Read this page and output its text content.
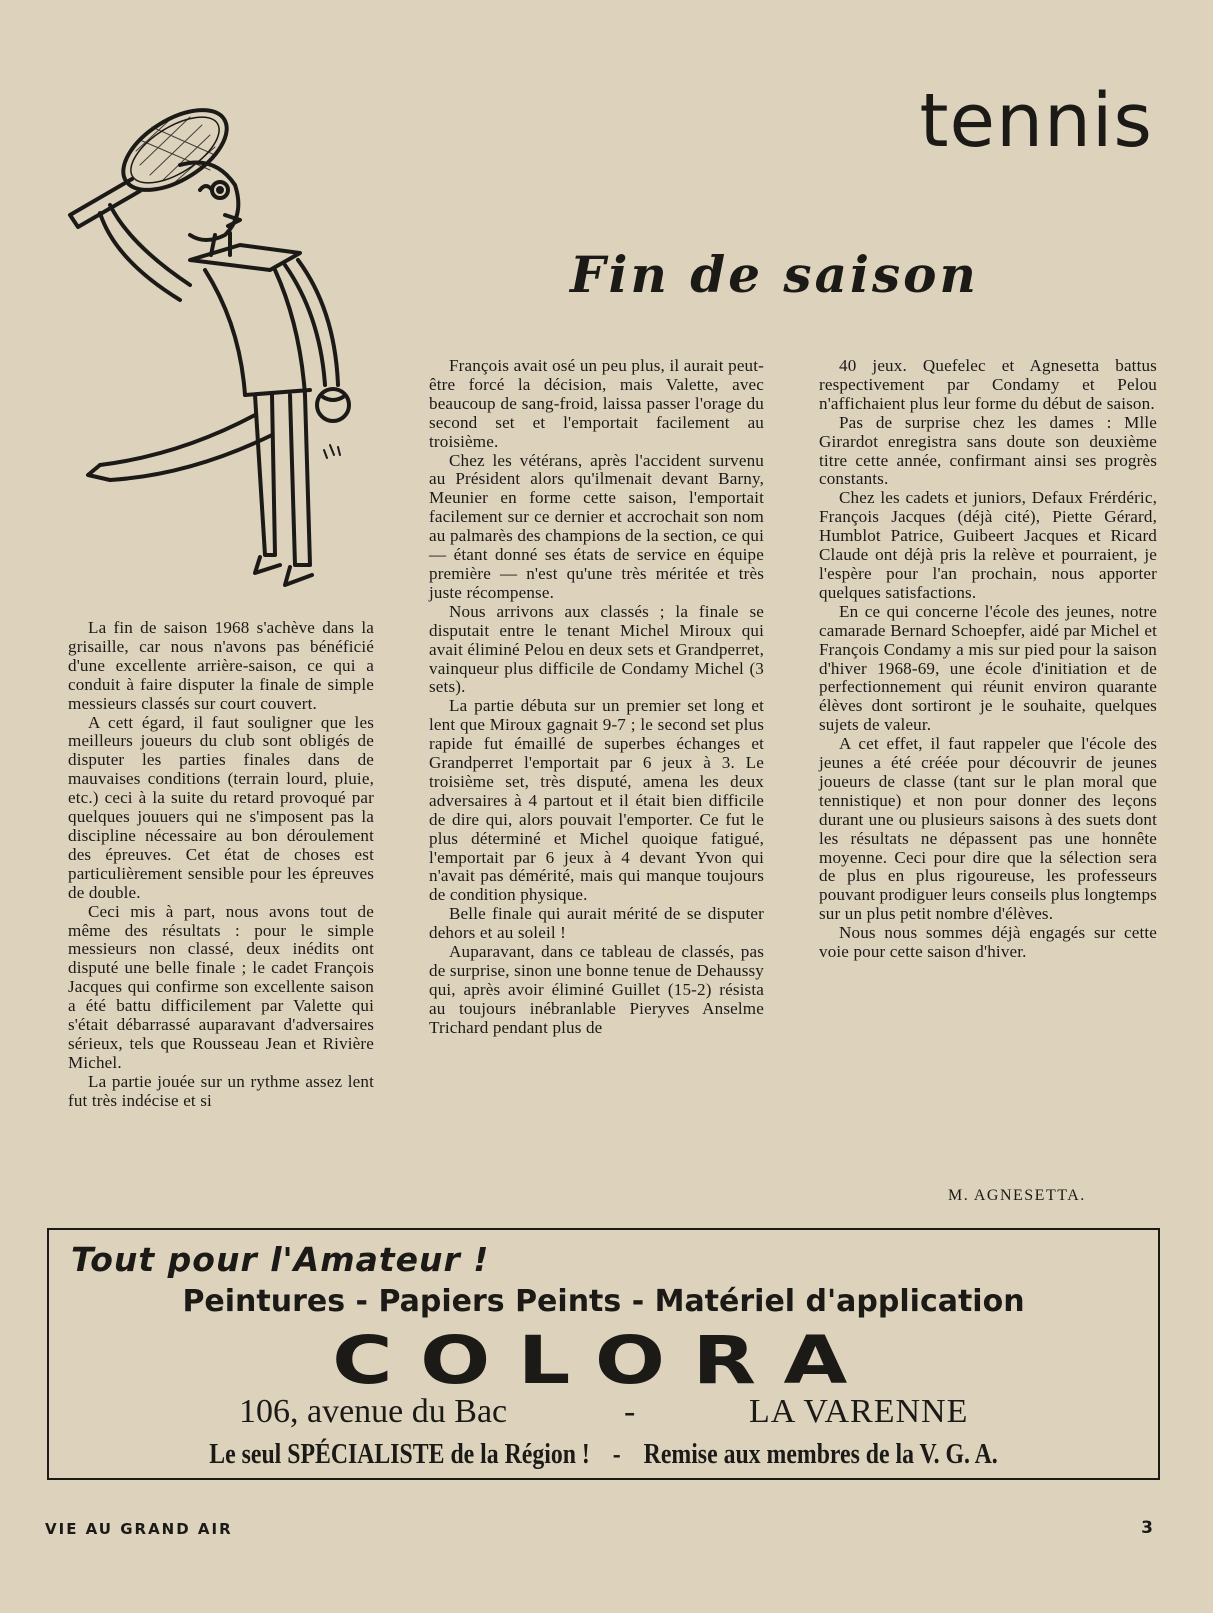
tennis
Fin de saison

La fin de saison 1968 s'achève dans la grisaille, car nous n'avons pas bénéficié d'une excellente arrière-saison, ce qui a conduit à faire disputer la finale de simple messieurs classés sur court couvert.

A cett égard, il faut souligner que les meilleurs joueurs du club sont obligés de disputer les parties finales dans de mauvaises conditions (terrain lourd, pluie, etc.) ceci à la suite du retard provoqué par quelques jouuers qui ne s'imposent pas la discipline nécessaire au bon déroulement des épreuves. Cet état de choses est particulièrement sensible pour les épreuves de double.

Ceci mis à part, nous avons tout de même des résultats : pour le simple messieurs non classé, deux inédits ont disputé une belle finale ; le cadet François Jacques qui confirme son excellente saison a été battu difficilement par Valette qui s'était débarrassé auparavant d'adversaires sérieux, tels que Rousseau Jean et Rivière Michel.

La partie jouée sur un rythme assez lent fut très indécise et si

François avait osé un peu plus, il aurait peut-être forcé la décision, mais Valette, avec beaucoup de sang-froid, laissa passer l'orage du second set et l'emportait facilement au troisième.

Chez les vétérans, après l'accident survenu au Président alors qu'ilmenait devant Barny, Meunier en forme cette saison, l'emportait facilement sur ce dernier et accrochait son nom au palmarès des champions de la section, ce qui — étant donné ses états de service en équipe première — n'est qu'une très méritée et très juste récompense.

Nous arrivons aux classés ; la finale se disputait entre le tenant Michel Miroux qui avait éliminé Pelou en deux sets et Grandperret, vainqueur plus difficile de Condamy Michel (3 sets).

La partie débuta sur un premier set long et lent que Miroux gagnait 9-7 ; le second set plus rapide fut émaillé de superbes échanges et Grandperret l'emportait par 6 jeux à 3. Le troisième set, très disputé, amena les deux adversaires à 4 partout et il était bien difficile de dire qui, alors pouvait l'emporter. Ce fut le plus déterminé et Michel quoique fatigué, l'emportait par 6 jeux à 4 devant Yvon qui n'avait pas démérité, mais qui manque toujours de condition physique.

Belle finale qui aurait mérité de se disputer dehors et au soleil !

Auparavant, dans ce tableau de classés, pas de surprise, sinon une bonne tenue de Dehaussy qui, après avoir éliminé Guillet (15-2) résista au toujours inébranlable Pieryves Anselme Trichard pendant plus de

40 jeux. Quefelec et Agnesetta battus respectivement par Condamy et Pelou n'affichaient plus leur forme du début de saison.

Pas de surprise chez les dames : Mlle Girardot enregistra sans doute son deuxième titre cette année, confirmant ainsi ses progrès constants.

Chez les cadets et juniors, Defaux Frérdéric, François Jacques (déjà cité), Piette Gérard, Humblot Patrice, Guibeert Jacques et Ricard Claude ont déjà pris la relève et pourraient, je l'espère pour l'an prochain, nous apporter quelques satisfactions.

En ce qui concerne l'école des jeunes, notre camarade Bernard Schoepfer, aidé par Michel et François Condamy a mis sur pied pour la saison d'hiver 1968-69, une école d'initiation et de perfectionnement qui réunit environ quarante élèves dont sortiront je le souhaite, quelques sujets de valeur.

A cet effet, il faut rappeler que l'école des jeunes a été créée pour découvrir de jeunes joueurs de classe (tant sur le plan moral que tennistique) et non pour donner des leçons durant une ou plusieurs saisons à des suets dont les résultats ne dépassent pas une honnête moyenne. Ceci pour dire que la sélection sera de plus en plus rigoureuse, les professeurs pouvant prodiguer leurs conseils plus longtemps sur un plus petit nombre d'élèves.

Nous nous sommes déjà engagés sur cette voie pour cette saison d'hiver.

M. AGNESETTA.
Tout pour l'Amateur !
Peintures - Papiers Peints - Matériel d'application
COLORA
106, avenue du Bac	-	LA VARENNE
Le seul SPÉCIALISTE de la Région ! - Remise aux membres de la V. G. A.
VIE AU GRAND AIR	3
